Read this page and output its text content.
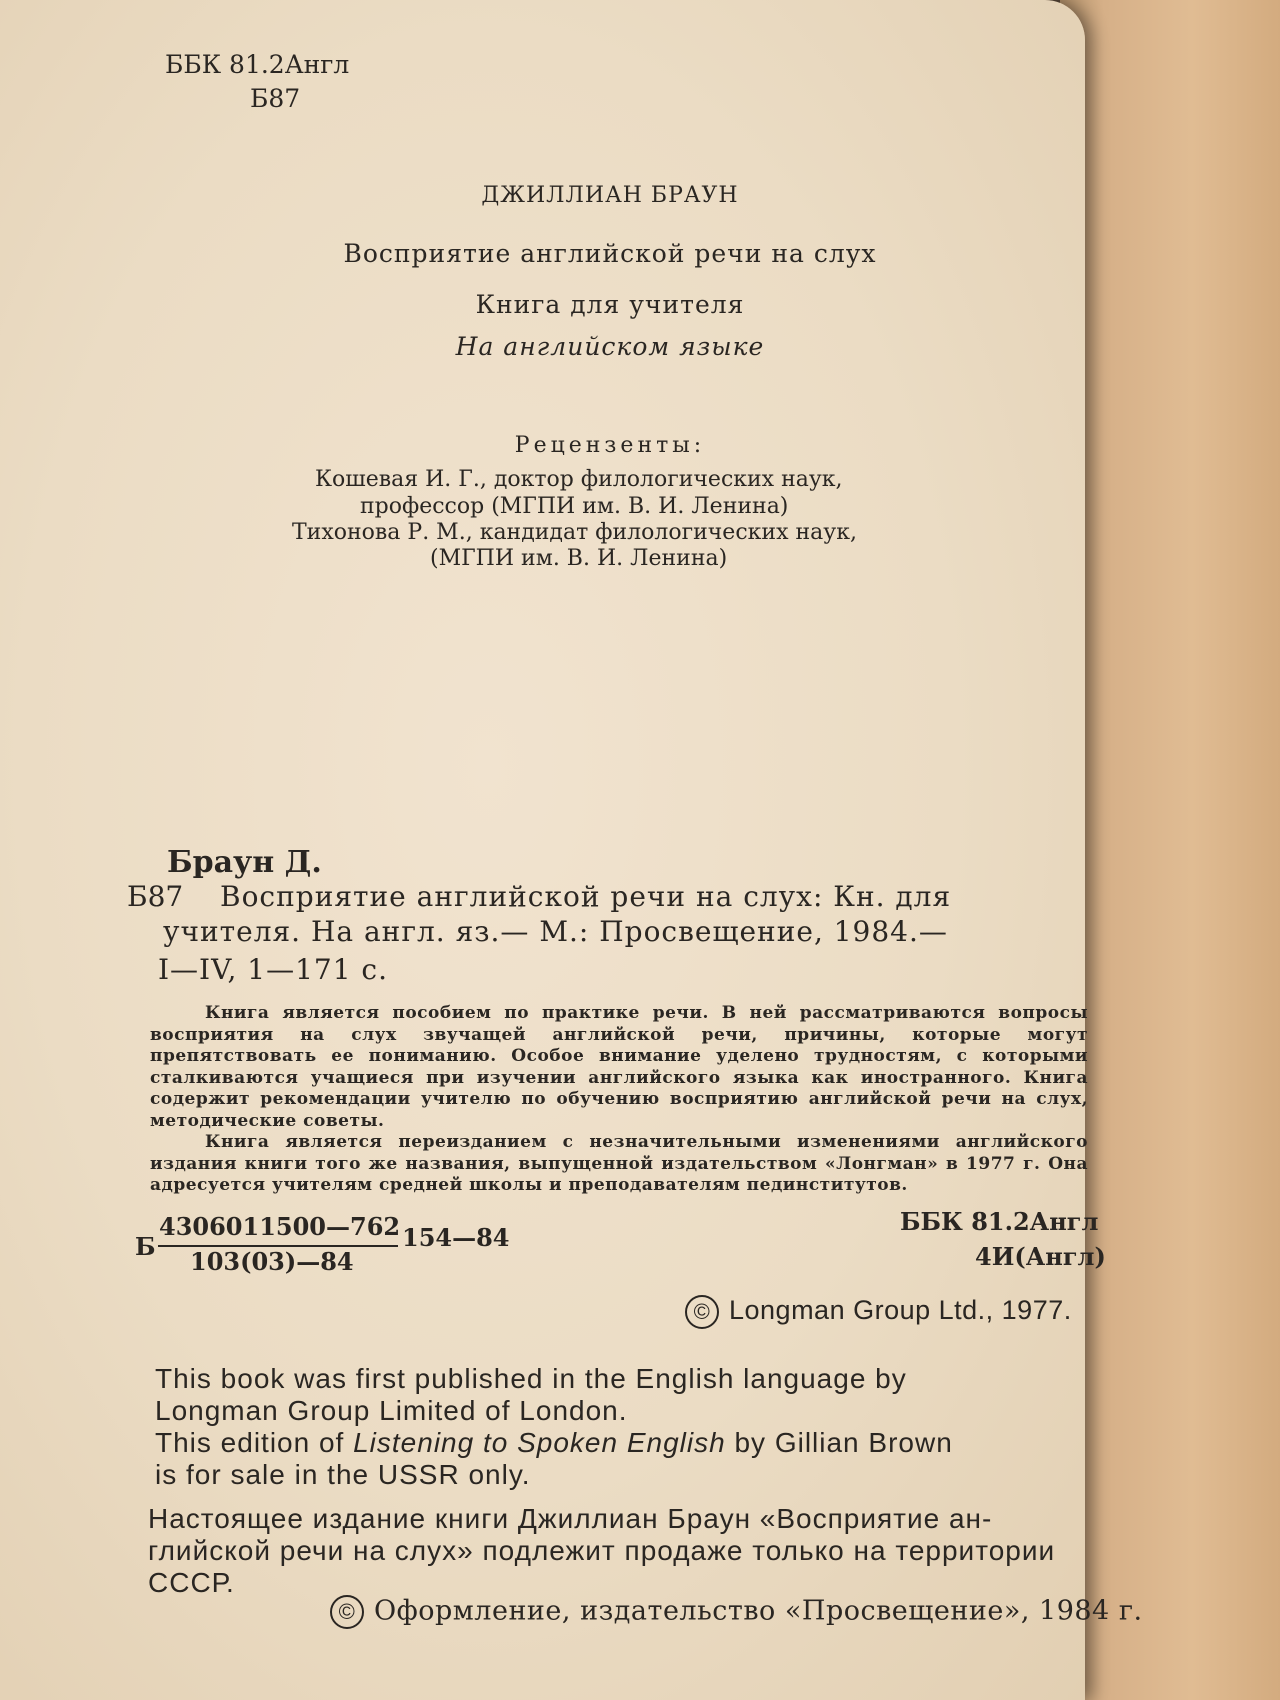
ББК 81.2Англ
Б87
ДЖИЛЛИАН БРАУН
Восприятие английской речи на слух
Книга для учителя
На английском языке
Рецензенты:
Кошевая И. Г., доктор филологических наук,
профессор (МГПИ им. В. И. Ленина)
Тихонова Р. М., кандидат филологических наук,
(МГПИ им. В. И. Ленина)
Браун Д.
Б87 Восприятие английской речи на слух: Кн. для
учителя. На англ. яз.— М.: Просвещение, 1984.—
I—IV, 1—171 с.

Книга является пособием по практике речи. В ней рассматриваются вопросы восприятия на слух звучащей английской речи, причины, которые могут препятствовать ее пониманию. Особое внимание уделено трудностям, с которыми сталкиваются учащиеся при изучении английского языка как иностранного. Книга содержит рекомендации учителю по обучению восприятию английской речи на слух, методические советы.

Книга является переизданием с незначительными изменениями английского издания книги того же названия, выпущенной издательством «Лонгман» в 1977 г. Она адресуется учителям средней школы и преподавателям пединститутов.

Б
4306011500—762
103(03)—84
154—84
ББК 81.2Англ
4И(Англ)
© Longman Group Ltd., 1977.
This book was first published in the English language by
Longman Group Limited of London.
This edition of Listening to Spoken English by Gillian Brown
is for sale in the USSR only.
Настоящее издание книги Джиллиан Браун «Восприятие ан-
глийской речи на слух» подлежит продаже только на территории
СССР.
© Оформление, издательство «Просвещение», 1984 г.
